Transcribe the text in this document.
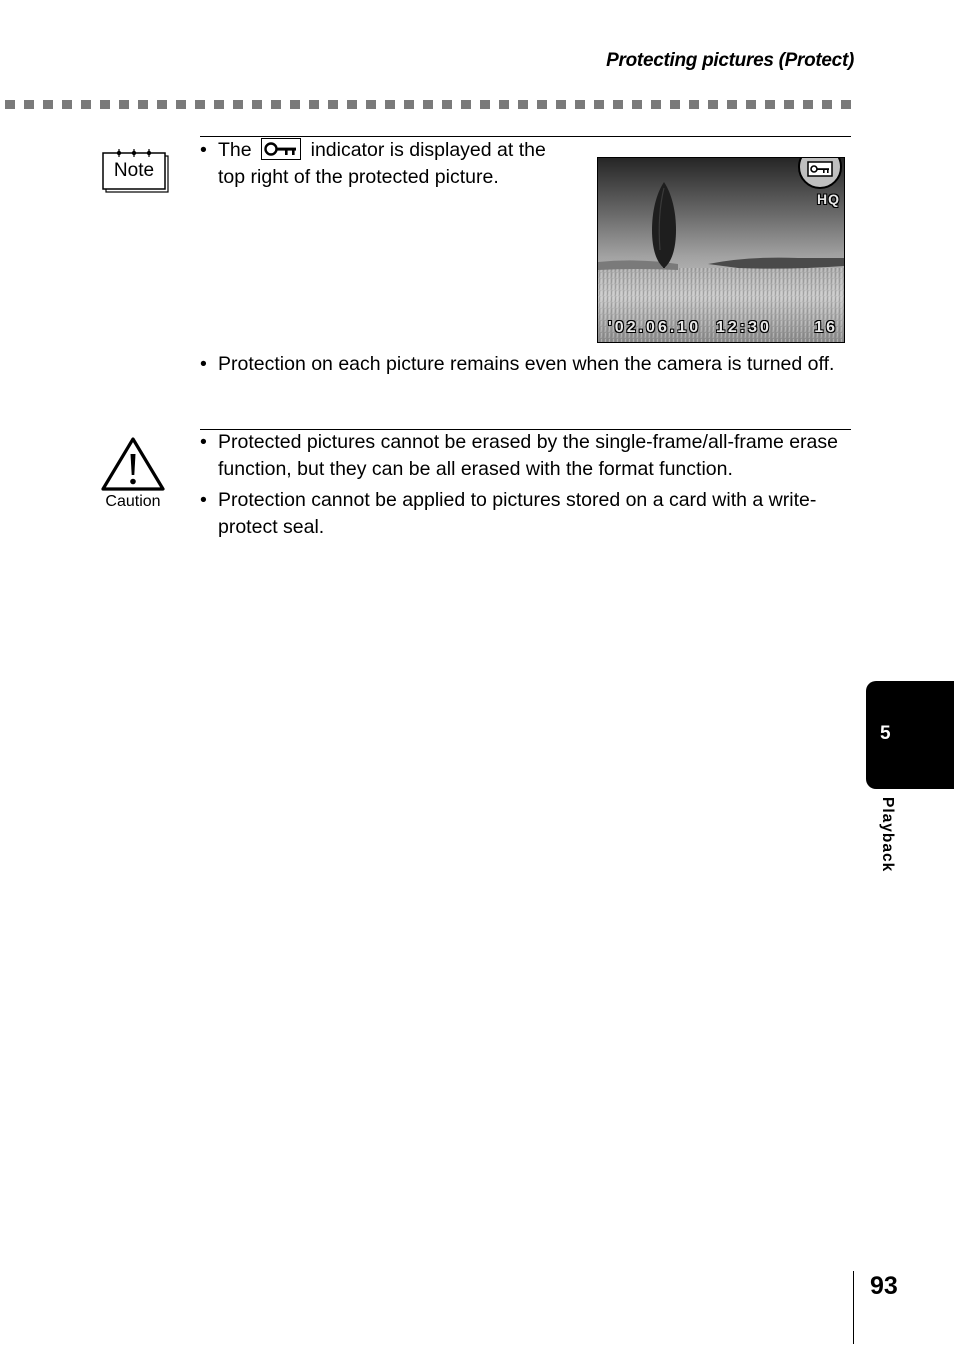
Protecting pictures (Protect)
Note
• The	indicator is displayed at the
top right of the protected picture.
HQ
'02.06.10 12:30	16
• Protection on each picture remains even when the camera is turned off.
Caution
• Protected pictures cannot be erased by the single-frame/all-frame erase function, but they can be all erased with the format function.
• Protection cannot be applied to pictures stored on a card with a write-protect seal.
5
Playback
93
